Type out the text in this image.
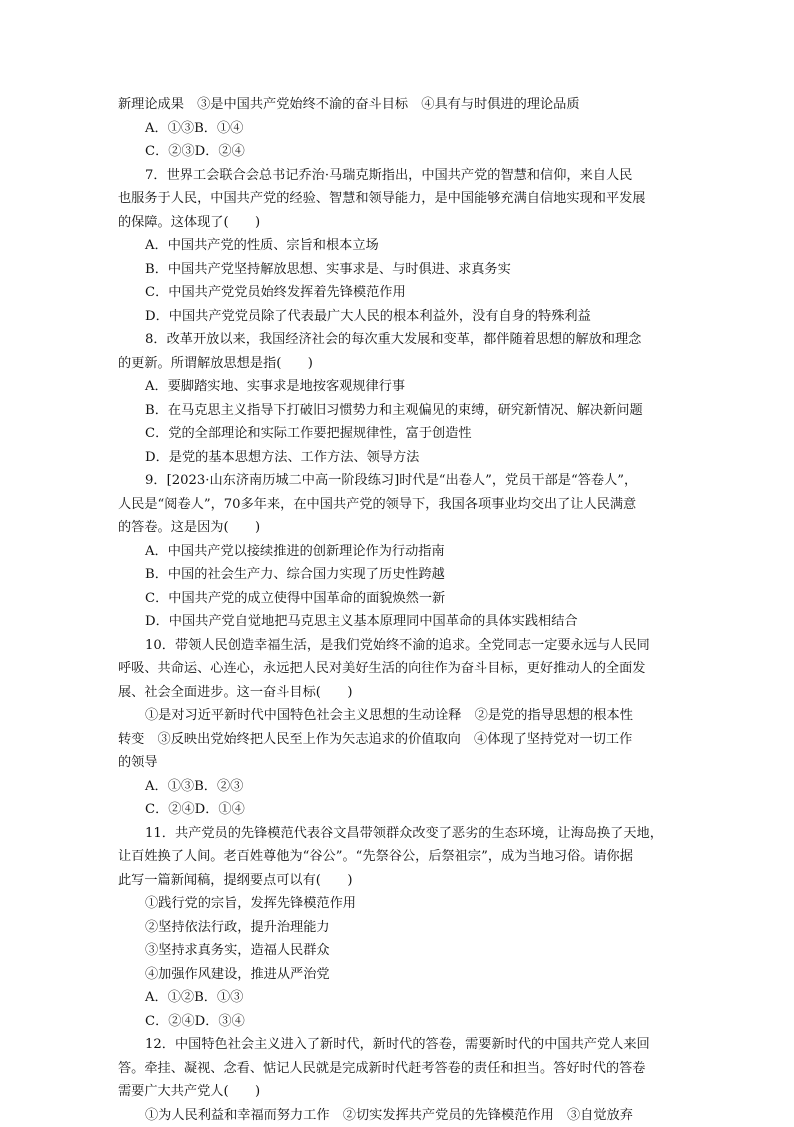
新理论成果　③是中国共产党始终不渝的奋斗目标　④具有与时俱进的理论品质
A．①③B．①④
C．②③D．②④
7．世界工会联合会总书记乔治·马瑞克斯指出，中国共产党的智慧和信仰，来自人民
也服务于人民，中国共产党的经验、智慧和领导能力，是中国能够充满自信地实现和平发展
的保障。这体现了(　　)
A．中国共产党的性质、宗旨和根本立场
B．中国共产党坚持解放思想、实事求是、与时俱进、求真务实
C．中国共产党党员始终发挥着先锋模范作用
D．中国共产党党员除了代表最广大人民的根本利益外，没有自身的特殊利益
8．改革开放以来，我国经济社会的每次重大发展和变革，都伴随着思想的解放和理念
的更新。所谓解放思想是指(　　)
A．要脚踏实地、实事求是地按客观规律行事
B．在马克思主义指导下打破旧习惯势力和主观偏见的束缚，研究新情况、解决新问题
C．党的全部理论和实际工作要把握规律性，富于创造性
D．是党的基本思想方法、工作方法、领导方法
9．[2023·山东济南历城二中高一阶段练习]时代是“出卷人”，党员干部是“答卷人”，
人民是“阅卷人”，70多年来，在中国共产党的领导下，我国各项事业均交出了让人民满意
的答卷。这是因为(　　)
A．中国共产党以接续推进的创新理论作为行动指南
B．中国的社会生产力、综合国力实现了历史性跨越
C．中国共产党的成立使得中国革命的面貌焕然一新
D．中国共产党自觉地把马克思主义基本原理同中国革命的具体实践相结合
10．带领人民创造幸福生活，是我们党始终不渝的追求。全党同志一定要永远与人民同
呼吸、共命运、心连心，永远把人民对美好生活的向往作为奋斗目标，更好推动人的全面发
展、社会全面进步。这一奋斗目标(　　)
①是对习近平新时代中国特色社会主义思想的生动诠释　②是党的指导思想的根本性
转变　③反映出党始终把人民至上作为矢志追求的价值取向　④体现了坚持党对一切工作
的领导
A．①③B．②③
C．②④D．①④
11．共产党员的先锋模范代表谷文昌带领群众改变了恶劣的生态环境，让海岛换了天地，
让百姓换了人间。老百姓尊他为“谷公”。“先祭谷公，后祭祖宗”，成为当地习俗。请你据
此写一篇新闻稿，提纲要点可以有(　　)
①践行党的宗旨，发挥先锋模范作用
②坚持依法行政，提升治理能力
③坚持求真务实，造福人民群众
④加强作风建设，推进从严治党
A．①②B．①③
C．②④D．③④
12．中国特色社会主义进入了新时代，新时代的答卷，需要新时代的中国共产党人来回
答。牵挂、凝视、念看、惦记人民就是完成新时代赶考答卷的责任和担当。答好时代的答卷
需要广大共产党人(　　)
①为人民利益和幸福而努力工作　②切实发挥共产党员的先锋模范作用　③自觉放弃
